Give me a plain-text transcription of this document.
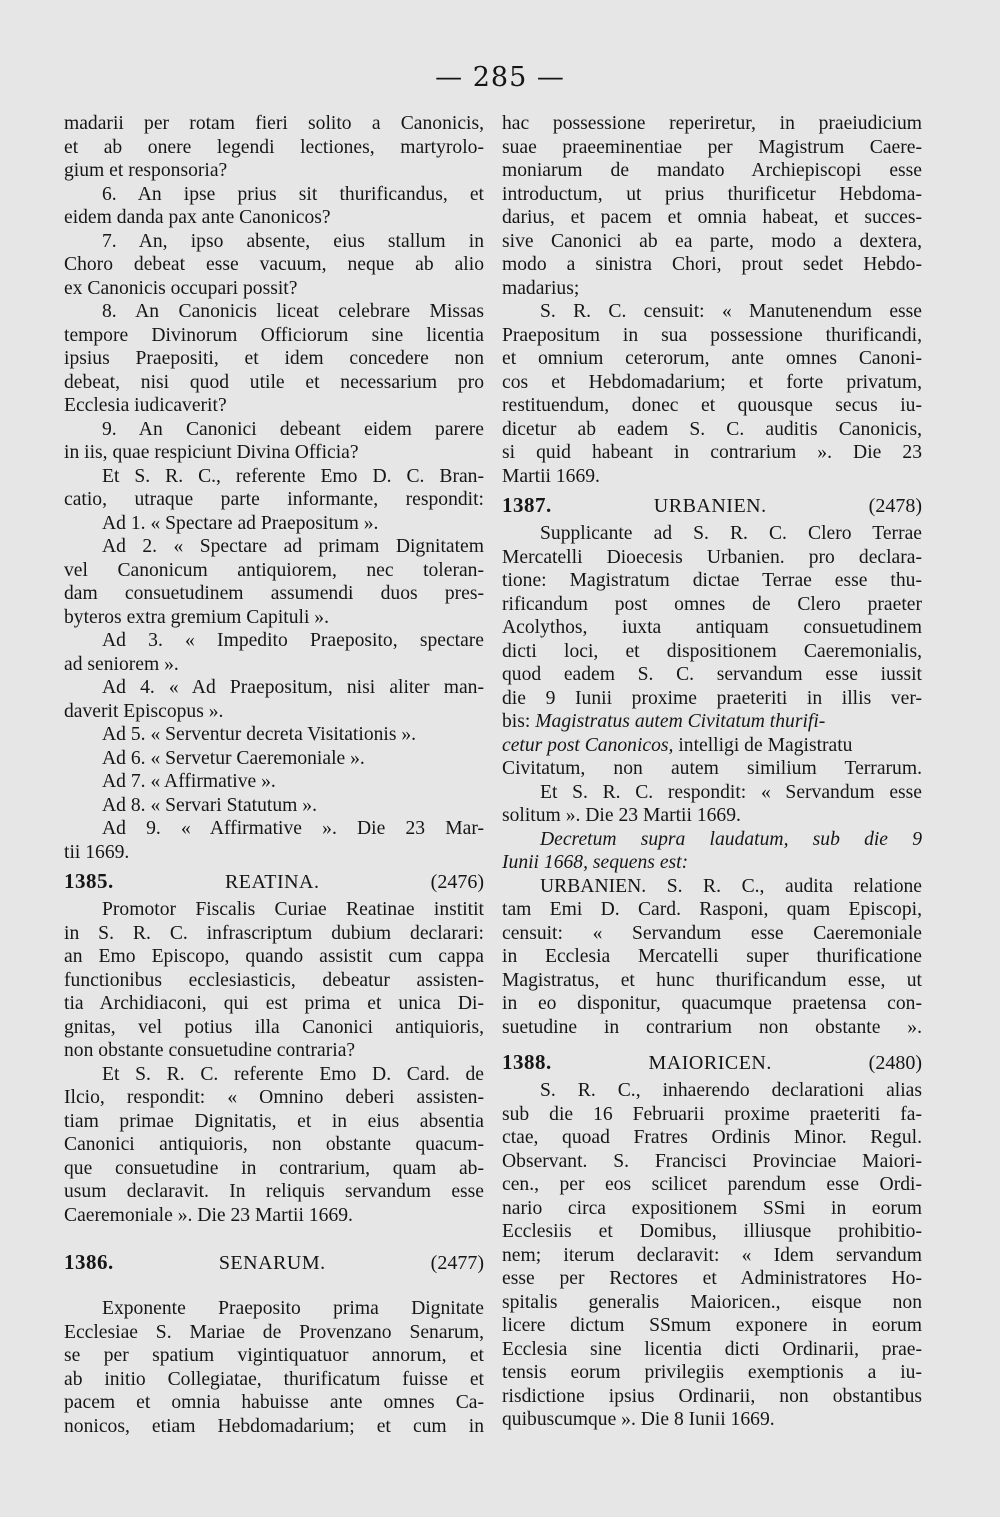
— 285 —
madarii per rotam fieri solito a Canonicis,
et ab onere legendi lectiones, martyrolo-
gium et responsoria?
6. An ipse prius sit thurificandus, et
eidem danda pax ante Canonicos?
7. An, ipso absente, eius stallum in
Choro debeat esse vacuum, neque ab alio
ex Canonicis occupari possit?
8. An Canonicis liceat celebrare Missas
tempore Divinorum Officiorum sine licentia
ipsius Praepositi, et idem concedere non
debeat, nisi quod utile et necessarium pro
Ecclesia iudicaverit?
9. An Canonici debeant eidem parere
in iis, quae respiciunt Divina Officia?
Et S. R. C., referente Emo D. C. Bran-
catio, utraque parte informante, respondit:
Ad 1. « Spectare ad Praepositum ».
Ad 2. « Spectare ad primam Dignitatem
vel Canonicum antiquiorem, nec toleran-
dam consuetudinem assumendi duos pres-
byteros extra gremium Capituli ».
Ad 3. « Impedito Praeposito, spectare
ad seniorem ».
Ad 4. « Ad Praepositum, nisi aliter man-
daverit Episcopus ».
Ad 5. « Serventur decreta Visitationis ».
Ad 6. « Servetur Caeremoniale ».
Ad 7. « Affirmative ».
Ad 8. « Servari Statutum ».
Ad 9. « Affirmative ». Die 23 Mar-
tii 1669.
1385.	REATINA.	(2476)
Promotor Fiscalis Curiae Reatinae institit
in S. R. C. infrascriptum dubium declarari:
an Emo Episcopo, quando assistit cum cappa
functionibus ecclesiasticis, debeatur assisten-
tia Archidiaconi, qui est prima et unica Di-
gnitas, vel potius illa Canonici antiquioris,
non obstante consuetudine contraria?
Et S. R. C. referente Emo D. Card. de
Ilcio, respondit: « Omnino deberi assisten-
tiam primae Dignitatis, et in eius absentia
Canonici antiquioris, non obstante quacum-
que consuetudine in contrarium, quam ab-
usum declaravit. In reliquis servandum esse
Caeremoniale ». Die 23 Martii 1669.
1386.	SENARUM.	(2477)
Exponente Praeposito prima Dignitate
Ecclesiae S. Mariae de Provenzano Senarum,
se per spatium vigintiquatuor annorum, et
ab initio Collegiatae, thurificatum fuisse et
pacem et omnia habuisse ante omnes Ca-
nonicos, etiam Hebdomadarium; et cum in
hac possessione reperiretur, in praeiudicium
suae praeeminentiae per Magistrum Caere-
moniarum de mandato Archiepiscopi esse
introductum, ut prius thurificetur Hebdoma-
darius, et pacem et omnia habeat, et succes-
sive Canonici ab ea parte, modo a dextera,
modo a sinistra Chori, prout sedet Hebdo-
madarius;
S. R. C. censuit: « Manutenendum esse
Praepositum in sua possessione thurificandi,
et omnium ceterorum, ante omnes Canoni-
cos et Hebdomadarium; et forte privatum,
restituendum, donec et quousque secus iu-
dicetur ab eadem S. C. auditis Canonicis,
si quid habeant in contrarium ». Die 23
Martii 1669.
1387.	URBANIEN.	(2478)
Supplicante ad S. R. C. Clero Terrae
Mercatelli Dioecesis Urbanien. pro declara-
tione: Magistratum dictae Terrae esse thu-
rificandum post omnes de Clero praeter
Acolythos, iuxta antiquam consuetudinem
dicti loci, et dispositionem Caeremonialis,
quod eadem S. C. servandum esse iussit
die 9 Iunii proxime praeteriti in illis ver-
bis: Magistratus autem Civitatum thurifi-
cetur post Canonicos, intelligi de Magistratu
Civitatum, non autem similium Terrarum.
Et S. R. C. respondit: « Servandum esse
solitum ». Die 23 Martii 1669.
Decretum supra laudatum, sub die 9
Iunii 1668, sequens est:
URBANIEN. S. R. C., audita relatione
tam Emi D. Card. Rasponi, quam Episcopi,
censuit: « Servandum esse Caeremoniale
in Ecclesia Mercatelli super thurificatione
Magistratus, et hunc thurificandum esse, ut
in eo disponitur, quacumque praetensa con-
suetudine in contrarium non obstante ».
1388.	MAIORICEN.	(2480)
S. R. C., inhaerendo declarationi alias
sub die 16 Februarii proxime praeteriti fa-
ctae, quoad Fratres Ordinis Minor. Regul.
Observant. S. Francisci Provinciae Maiori-
cen., per eos scilicet parendum esse Ordi-
nario circa expositionem SSmi in eorum
Ecclesiis et Domibus, illiusque prohibitio-
nem; iterum declaravit: « Idem servandum
esse per Rectores et Administratores Ho-
spitalis generalis Maioricen., eisque non
licere dictum SSmum exponere in eorum
Ecclesia sine licentia dicti Ordinarii, prae-
tensis eorum privilegiis exemptionis a iu-
risdictione ipsius Ordinarii, non obstantibus
quibuscumque ». Die 8 Iunii 1669.
